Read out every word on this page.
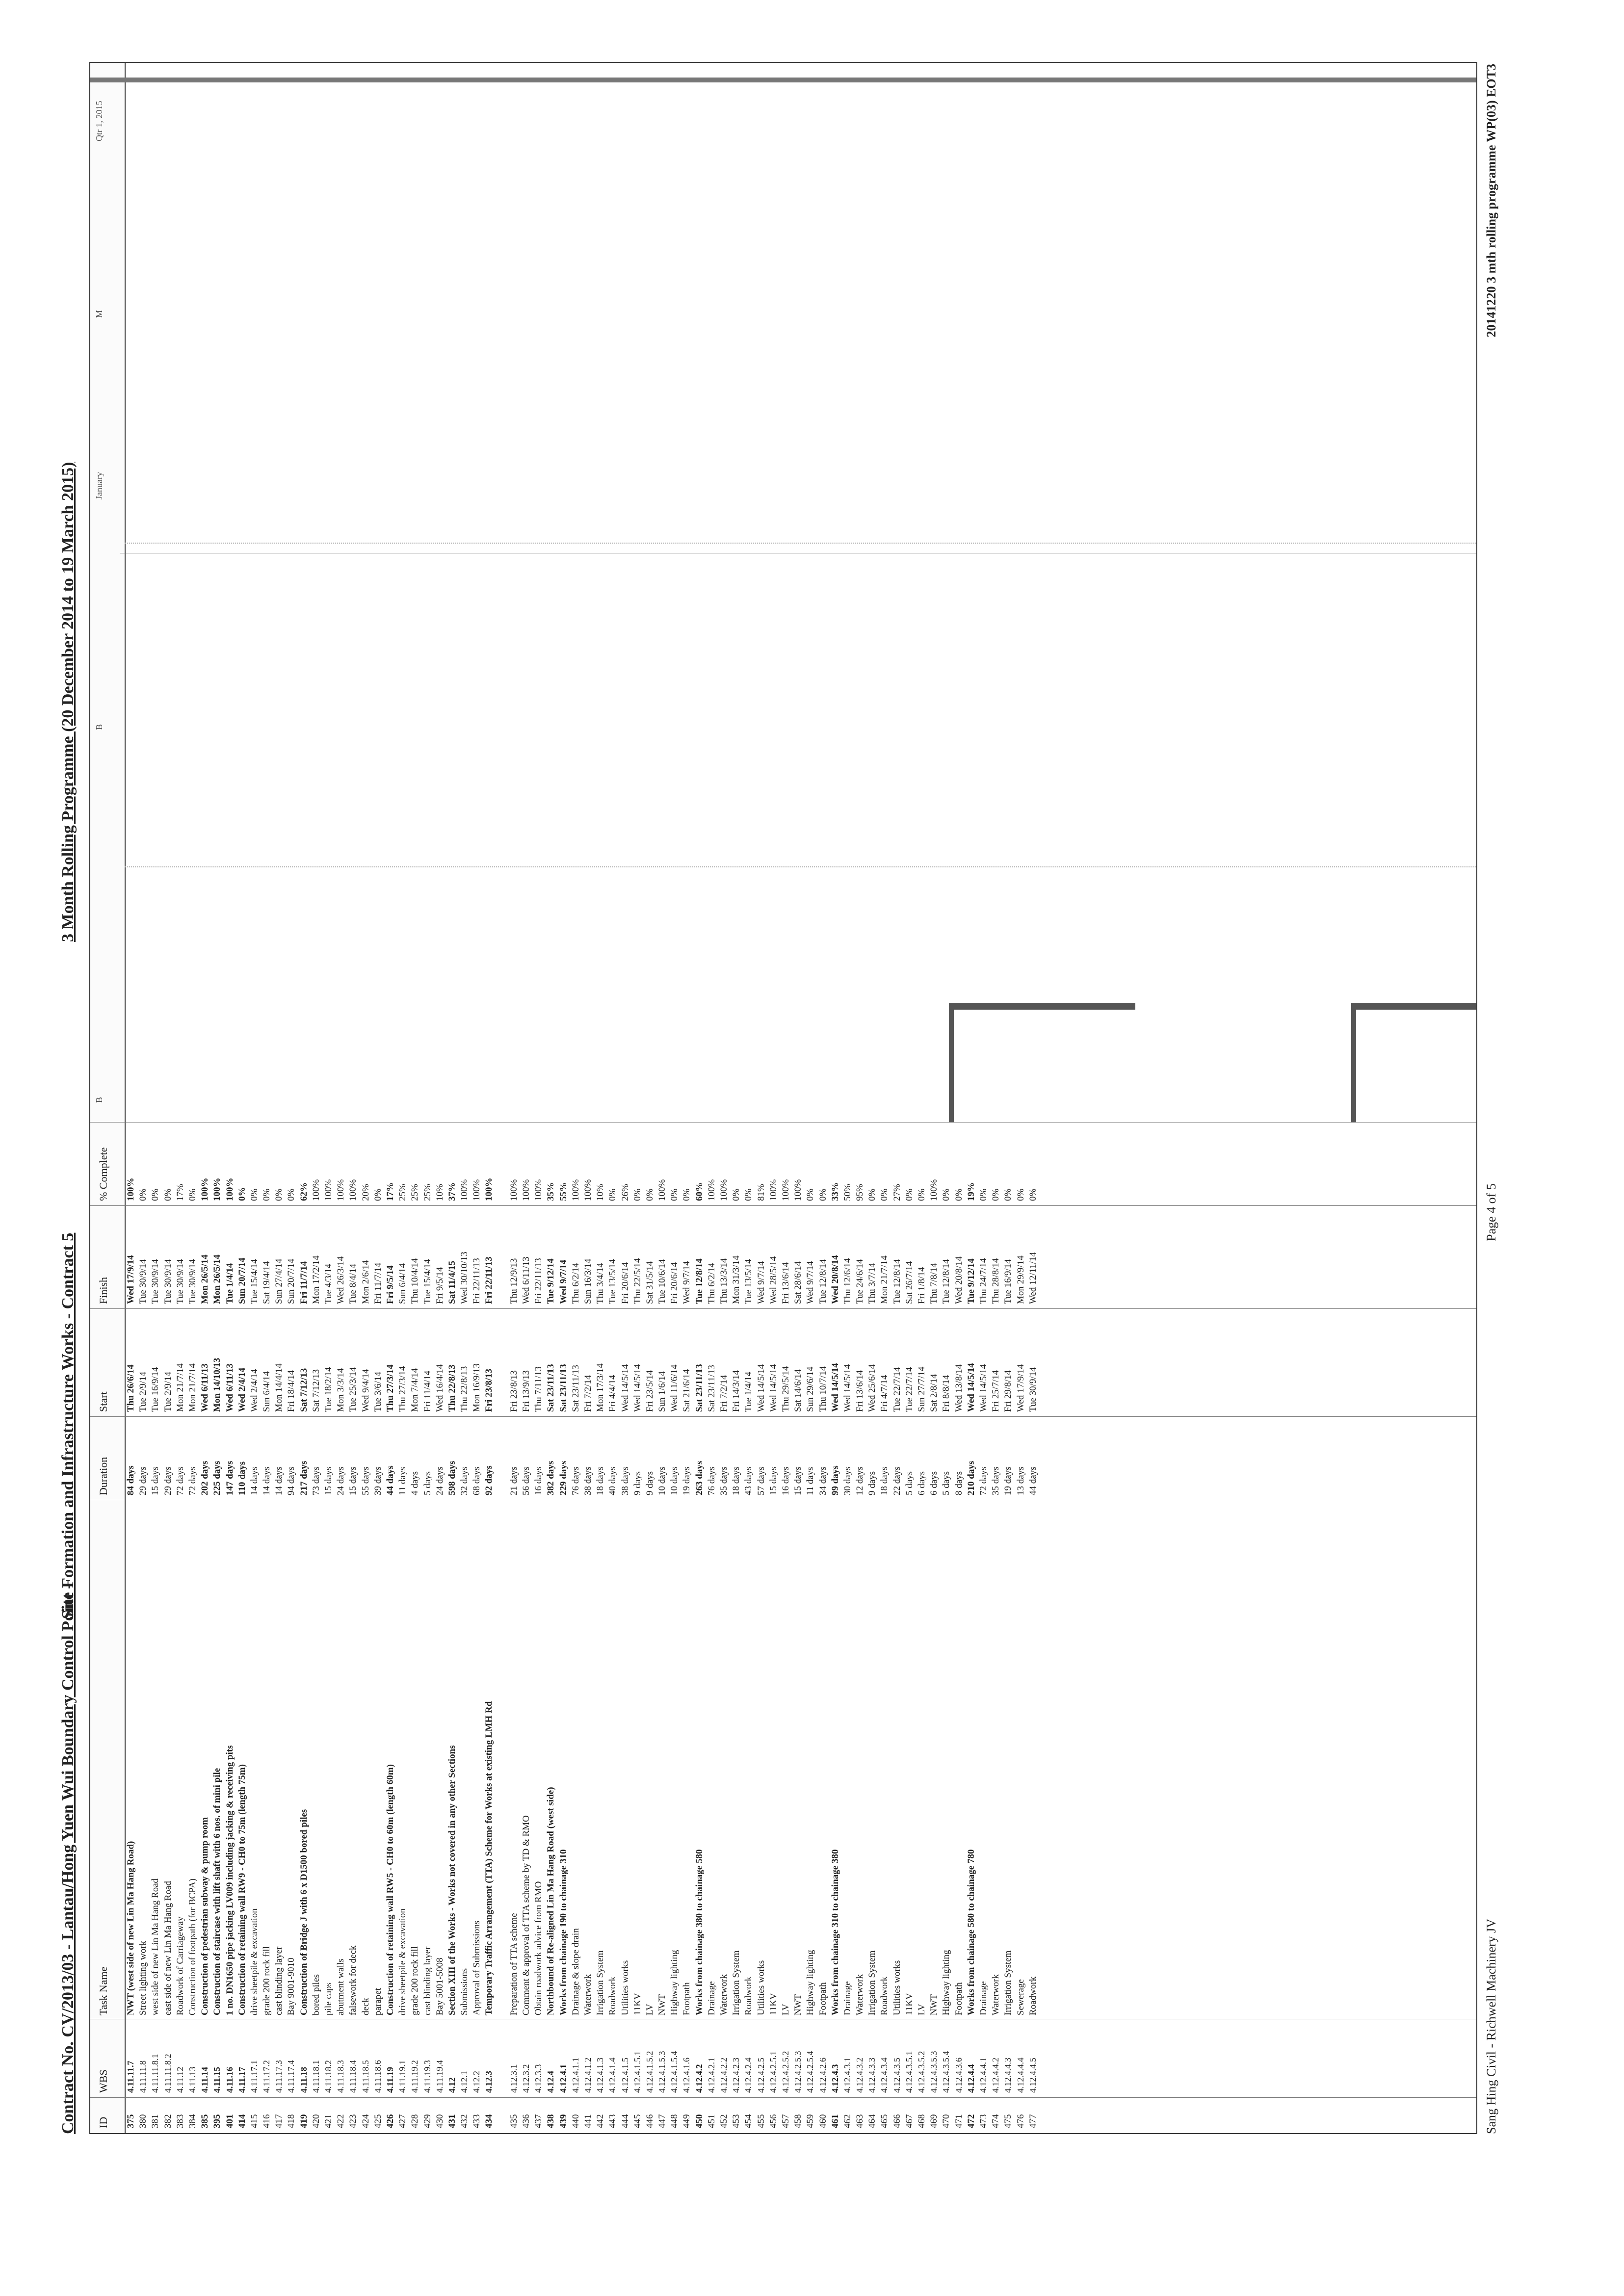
Contract No. CV/2013/03 - Lantau/Hong Yuen Wui Boundary Control Point -
Site Formation and Infrastructure Works - Contract 5
3 Month Rolling Programme (20 December 2014 to 19 March 2015)
ID
WBS
Task Name
Duration
Start
Finish
% Complete
375
4.11.11.7
NWT (west side of new Lin Ma Hang Road)
84 days
Thu 26/6/14
Wed 17/9/14
100%
380
4.11.11.8
Street lighting work
29 days
Tue 2/9/14
Tue 30/9/14
0%
381
4.11.11.8.1
west side of new Lin Ma Hang Road
15 days
Tue 16/9/14
Tue 30/9/14
0%
382
4.11.11.8.2
east side of new Lin Ma Hang Road
29 days
Tue 2/9/14
Tue 30/9/14
0%
383
4.11.12
Roadwork of Carriageway
72 days
Mon 21/7/14
Tue 30/9/14
17%
384
4.11.13
Construction of footpath (for BCPA)
72 days
Mon 21/7/14
Tue 30/9/14
0%
385
4.11.14
Construction of pedestrian subway & pump room
202 days
Wed 6/11/13
Mon 26/5/14
100%
395
4.11.15
Construction of staircase with lift shaft with 6 nos. of mini pile
225 days
Mon 14/10/13
Mon 26/5/14
100%
401
4.11.16
1 no. DN1650 pipe jacking LV009 including jacking & receiving pits
147 days
Wed 6/11/13
Tue 1/4/14
100%
414
4.11.17
Construction of retaining wall RW9 - CH0 to 75m (length 75m)
110 days
Wed 2/4/14
Sun 20/7/14
0%
415
4.11.17.1
drive sheetpile & excavation
14 days
Wed 2/4/14
Tue 15/4/14
0%
416
4.11.17.2
grade 200 rock fill
14 days
Sun 6/4/14
Sat 19/4/14
0%
417
4.11.17.3
cast blinding layer
14 days
Mon 14/4/14
Sun 27/4/14
0%
418
4.11.17.4
Bay 9001-9010
94 days
Fri 18/4/14
Sun 20/7/14
0%
419
4.11.18
Construction of Bridge J with 6 x D1500 bored piles
217 days
Sat 7/12/13
Fri 11/7/14
62%
420
4.11.18.1
bored piles
73 days
Sat 7/12/13
Mon 17/2/14
100%
421
4.11.18.2
pile caps
15 days
Tue 18/2/14
Tue 4/3/14
100%
422
4.11.18.3
abutment walls
24 days
Mon 3/3/14
Wed 26/3/14
100%
423
4.11.18.4
falsework for deck
15 days
Tue 25/3/14
Tue 8/4/14
100%
424
4.11.18.5
deck
55 days
Wed 9/4/14
Mon 2/6/14
20%
425
4.11.18.6
parapet
39 days
Tue 3/6/14
Fri 11/7/14
0%
426
4.11.19
Construction of retaining wall RW5 - CH0 to 60m (length 60m)
44 days
Thu 27/3/14
Fri 9/5/14
17%
427
4.11.19.1
drive sheetpile & excavation
11 days
Thu 27/3/14
Sun 6/4/14
25%
428
4.11.19.2
grade 200 rock fill
4 days
Mon 7/4/14
Thu 10/4/14
25%
429
4.11.19.3
cast blinding layer
5 days
Fri 11/4/14
Tue 15/4/14
25%
430
4.11.19.4
Bay 5001-5008
24 days
Wed 16/4/14
Fri 9/5/14
10%
431
4.12
Section XIII of the Works - Works not covered in any other Sections
598 days
Thu 22/8/13
Sat 11/4/15
37%
432
4.12.1
Submissions
32 days
Thu 22/8/13
Wed 30/10/13
100%
433
4.12.2
Approval of Submissions
68 days
Mon 16/9/13
Fri 22/11/13
100%
434
4.12.3
Temporary Traffic Arrangement (TTA) Scheme for Works at existing LMH Rd
92 days
Fri 23/8/13
Fri 22/11/13
100%
435
4.12.3.1
Preparation of TTA scheme
21 days
Fri 23/8/13
Thu 12/9/13
100%
436
4.12.3.2
Comment & approval of TTA scheme by TD & RMO
56 days
Fri 13/9/13
Wed 6/11/13
100%
437
4.12.3.3
Obtain roadwork advice from RMO
16 days
Thu 7/11/13
Fri 22/11/13
100%
438
4.12.4
Northbound of Re-aligned Lin Ma Hang Road (west side)
382 days
Sat 23/11/13
Tue 9/12/14
35%
439
4.12.4.1
Works from chainage 190 to chainage 310
229 days
Sat 23/11/13
Wed 9/7/14
55%
440
4.12.4.1.1
Drainage & slope drain
76 days
Sat 23/11/13
Thu 6/2/14
100%
441
4.12.4.1.2
Waterwork
38 days
Fri 7/2/14
Sun 16/3/14
100%
442
4.12.4.1.3
Irrigation System
18 days
Mon 17/3/14
Thu 3/4/14
10%
443
4.12.4.1.4
Roadwork
40 days
Fri 4/4/14
Tue 13/5/14
0%
444
4.12.4.1.5
Utilities works
38 days
Wed 14/5/14
Fri 20/6/14
26%
445
4.12.4.1.5.1
11KV
9 days
Wed 14/5/14
Thu 22/5/14
0%
446
4.12.4.1.5.2
LV
9 days
Fri 23/5/14
Sat 31/5/14
0%
447
4.12.4.1.5.3
NWT
10 days
Sun 1/6/14
Tue 10/6/14
100%
448
4.12.4.1.5.4
Highway lighting
10 days
Wed 11/6/14
Fri 20/6/14
0%
449
4.12.4.1.6
Footpath
19 days
Sat 21/6/14
Wed 9/7/14
0%
450
4.12.4.2
Works from chainage 380 to chainage 580
263 days
Sat 23/11/13
Tue 12/8/14
60%
451
4.12.4.2.1
Drainage
76 days
Sat 23/11/13
Thu 6/2/14
100%
452
4.12.4.2.2
Waterwork
35 days
Fri 7/2/14
Thu 13/3/14
100%
453
4.12.4.2.3
Irrigation System
18 days
Fri 14/3/14
Mon 31/3/14
0%
454
4.12.4.2.4
Roadwork
43 days
Tue 1/4/14
Tue 13/5/14
0%
455
4.12.4.2.5
Utilities works
57 days
Wed 14/5/14
Wed 9/7/14
81%
456
4.12.4.2.5.1
11KV
15 days
Wed 14/5/14
Wed 28/5/14
100%
457
4.12.4.2.5.2
LV
16 days
Thu 29/5/14
Fri 13/6/14
100%
458
4.12.4.2.5.3
NWT
15 days
Sat 14/6/14
Sat 28/6/14
100%
459
4.12.4.2.5.4
Highway lighting
11 days
Sun 29/6/14
Wed 9/7/14
0%
460
4.12.4.2.6
Footpath
34 days
Thu 10/7/14
Tue 12/8/14
0%
461
4.12.4.3
Works from chainage 310 to chainage 380
99 days
Wed 14/5/14
Wed 20/8/14
33%
462
4.12.4.3.1
Drainage
30 days
Wed 14/5/14
Thu 12/6/14
50%
463
4.12.4.3.2
Waterwork
12 days
Fri 13/6/14
Tue 24/6/14
95%
464
4.12.4.3.3
Irrigation System
9 days
Wed 25/6/14
Thu 3/7/14
0%
465
4.12.4.3.4
Roadwork
18 days
Fri 4/7/14
Mon 21/7/14
0%
466
4.12.4.3.5
Utilities works
22 days
Tue 22/7/14
Tue 12/8/14
27%
467
4.12.4.3.5.1
11KV
5 days
Tue 22/7/14
Sat 26/7/14
0%
468
4.12.4.3.5.2
LV
6 days
Sun 27/7/14
Fri 1/8/14
0%
469
4.12.4.3.5.3
NWT
6 days
Sat 2/8/14
Thu 7/8/14
100%
470
4.12.4.3.5.4
Highway lighting
5 days
Fri 8/8/14
Tue 12/8/14
0%
471
4.12.4.3.6
Footpath
8 days
Wed 13/8/14
Wed 20/8/14
0%
472
4.12.4.4
Works from chainage 580 to chainage 780
210 days
Wed 14/5/14
Tue 9/12/14
19%
473
4.12.4.4.1
Drainage
72 days
Wed 14/5/14
Thu 24/7/14
0%
474
4.12.4.4.2
Waterwork
35 days
Fri 25/7/14
Thu 28/8/14
0%
475
4.12.4.4.3
Irrigation System
19 days
Fri 29/8/14
Tue 16/9/14
0%
476
4.12.4.4.4
Sewerage
13 days
Wed 17/9/14
Mon 29/9/14
0%
477
4.12.4.4.5
Roadwork
44 days
Tue 30/9/14
Wed 12/11/14
0%
B
B
January
M
Qtr 1, 2015
Sang Hing Civil - Richwell Machinery JV
Page 4 of 5
20141220 3 mth rolling programme WP(03) EOT3
